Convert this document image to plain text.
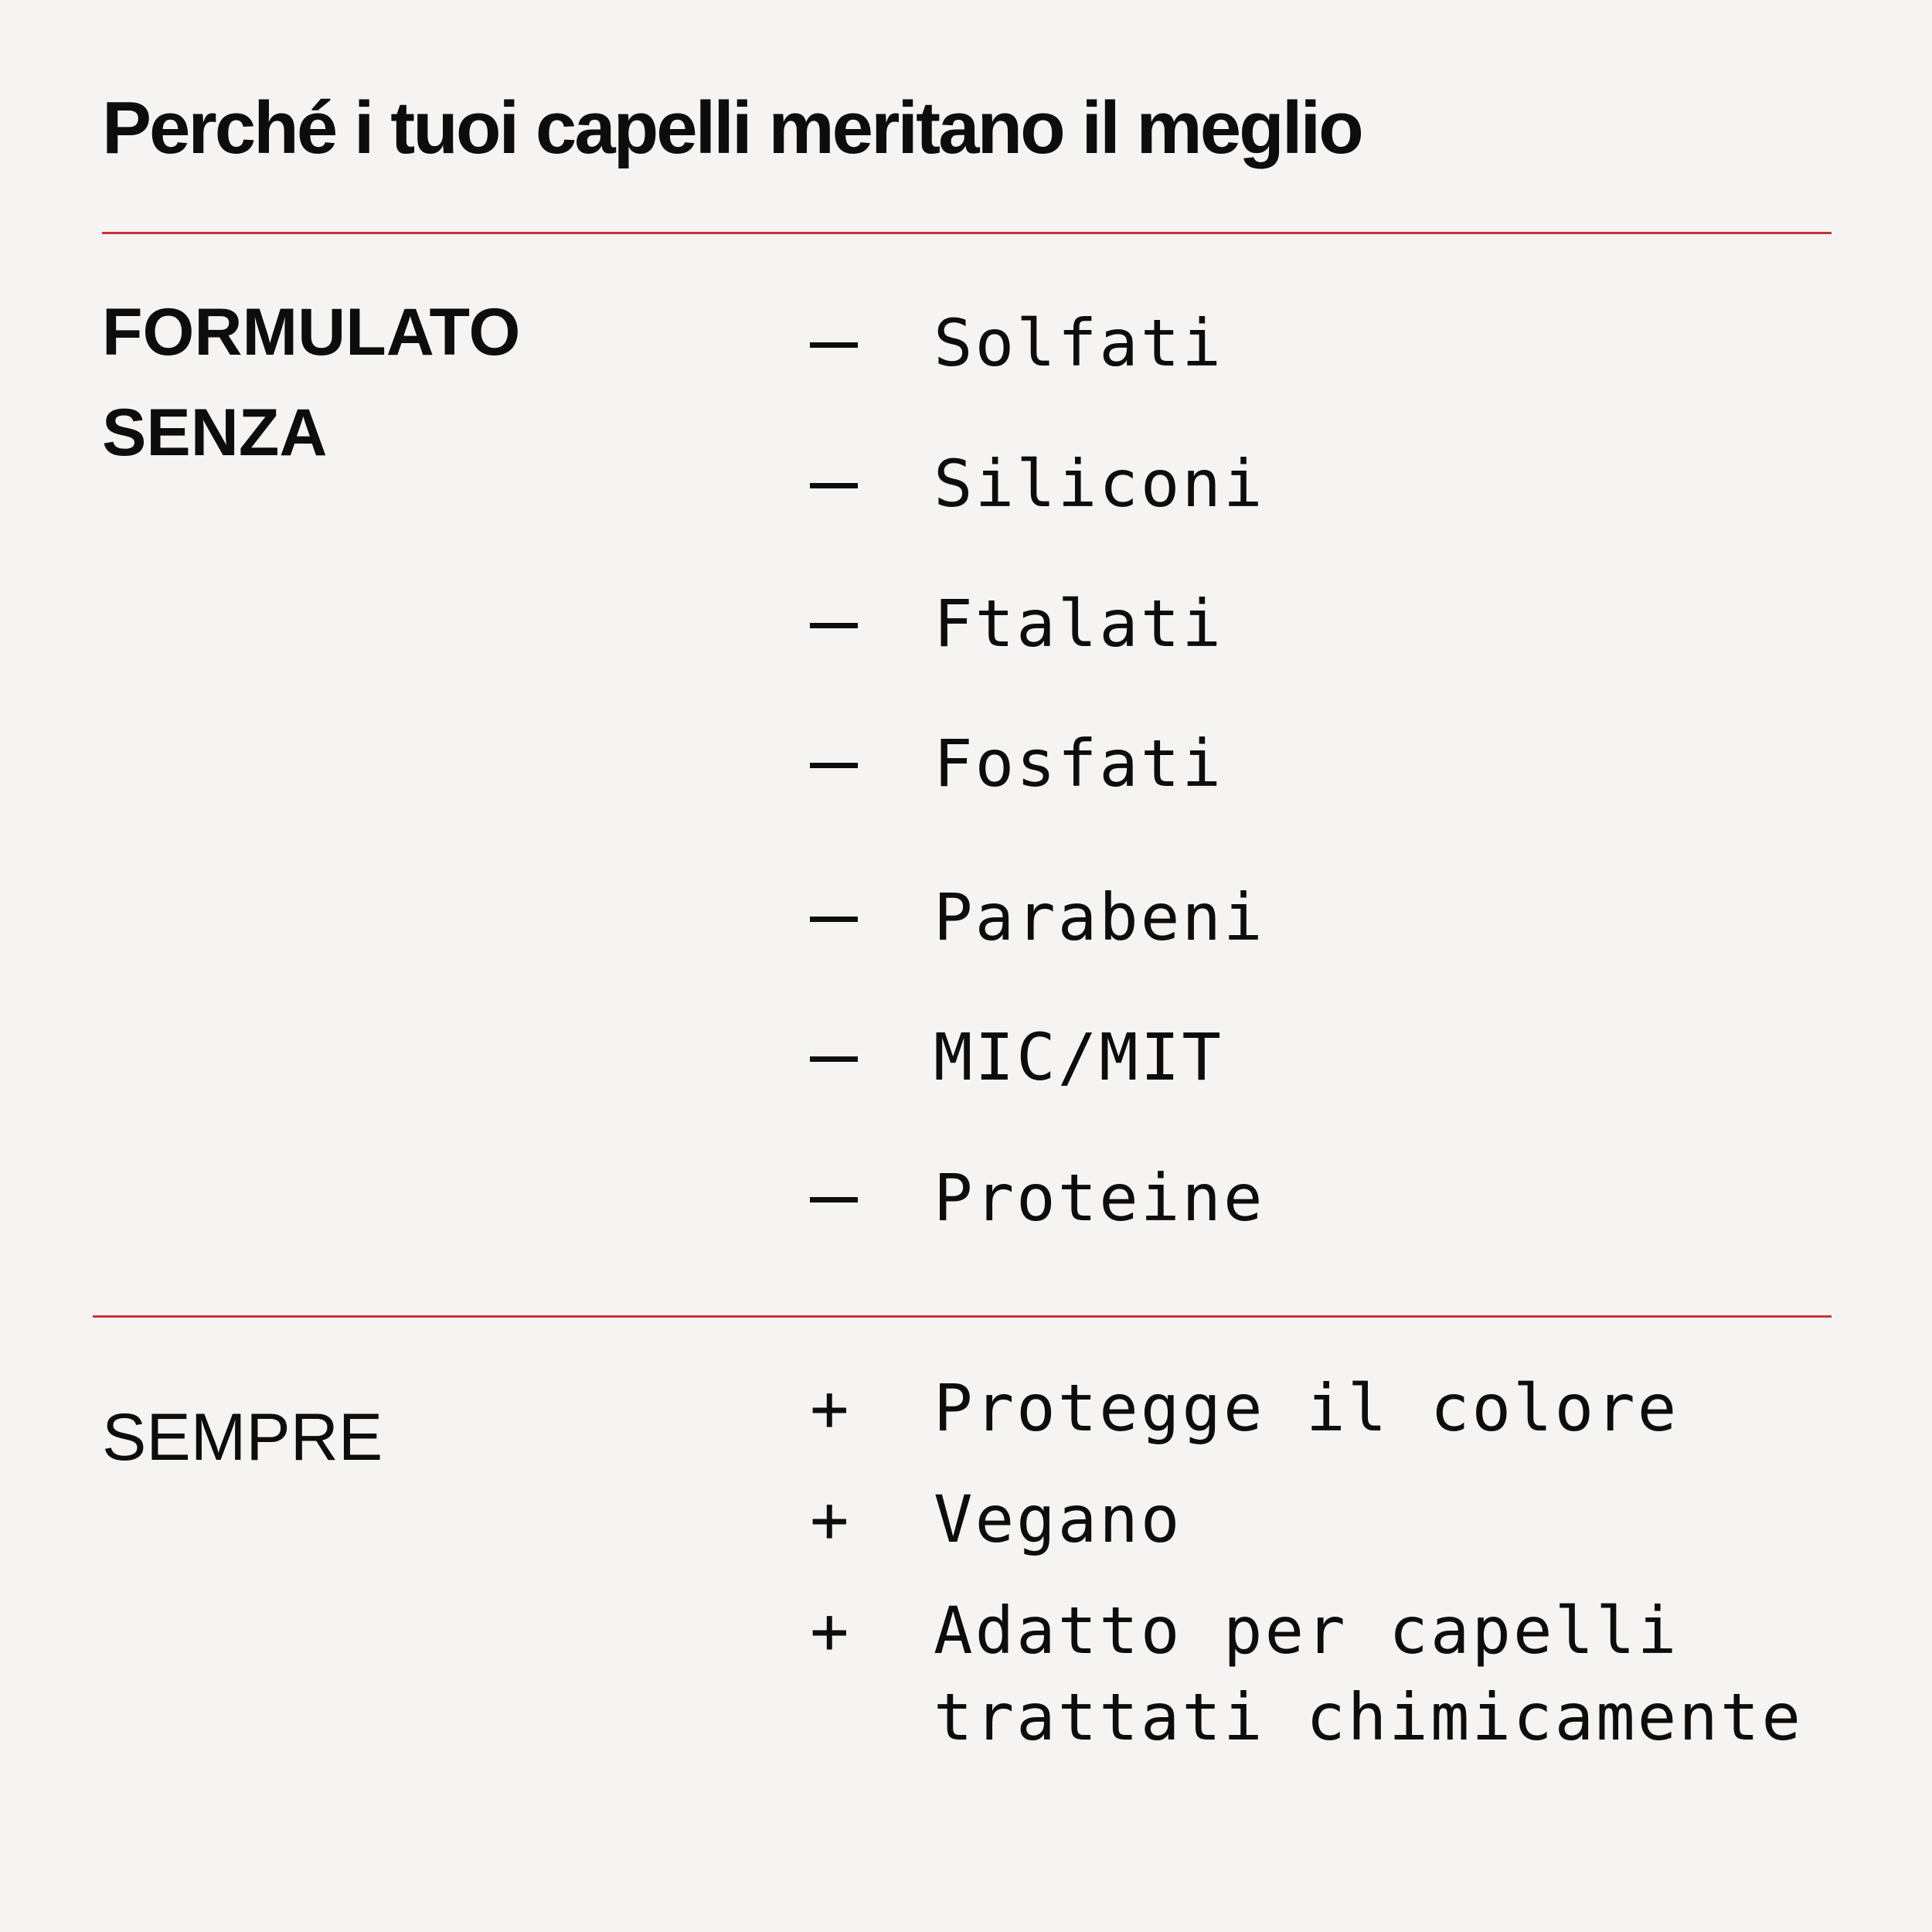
Perché i tuoi capelli meritano il meglio

FORMULATO
SENZA

Solfati
Siliconi
Ftalati
Fosfati
Parabeni
MIC/MIT
Proteine

SEMPRE	+ Protegge il colore
+ Vegano
+ Adatto per capelli
trattati chimicamente
